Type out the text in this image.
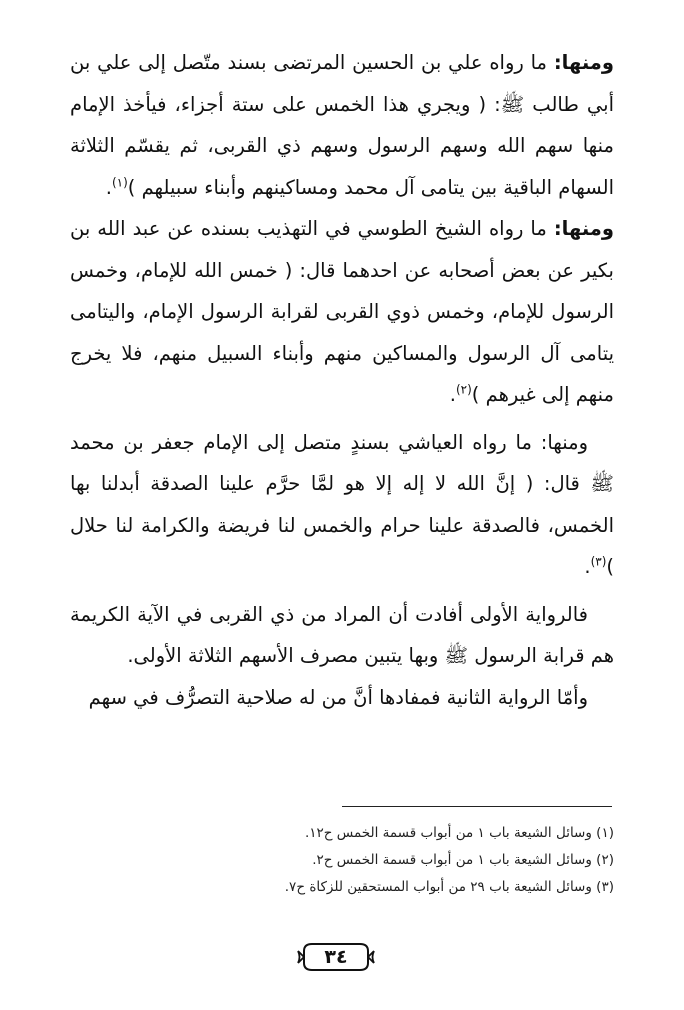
ومنها: ما رواه علي بن الحسين المرتضى بسند متّصل إلى علي بن أبي طالب ﷺ: ( ويجري هذا الخمس على ستة أجزاء، فيأخذ الإمام منها سهم الله وسهم الرسول وسهم ذي القربى، ثم يقسّم الثلاثة السهام الباقية بين يتامى آل محمد ومساكينهم وأبناء سبيلهم )$^{(١)}$.

ومنها: ما رواه الشيخ الطوسي في التهذيب بسنده عن عبد الله بن بكير عن بعض أصحابه عن احدهما قال: ( خمس الله للإمام، وخمس الرسول للإمام، وخمس ذوي القربى لقرابة الرسول الإمام، واليتامى يتامى آل الرسول والمساكين منهم وأبناء السبيل منهم، فلا يخرج منهم إلى غيرهم )$^{(٢)}$.

ومنها: ما رواه العياشي بسندٍ متصل إلى الإمام جعفر بن محمد ﷺ قال: ( إنَّ الله لا إله إلا هو لمَّا حرَّم علينا الصدقة أبدلنا بها الخمس، فالصدقة علينا حرام والخمس لنا فريضة والكرامة لنا حلال )$^{(٣)}$.

فالرواية الأولى أفادت أن المراد من ذي القربى في الآية الكريمة هم قرابة الرسول ﷺ وبها يتبين مصرف الأسهم الثلاثة الأولى.

وأمّا الرواية الثانية فمفادها أنَّ من له صلاحية التصرُّف في سهم

(١) وسائل الشيعة باب ١ من أبواب قسمة الخمس ح١٢.

(٢) وسائل الشيعة باب ١ من أبواب قسمة الخمس ح٢.

(٣) وسائل الشيعة باب ٢٩ من أبواب المستحقين للزكاة ح٧.

٣٤
